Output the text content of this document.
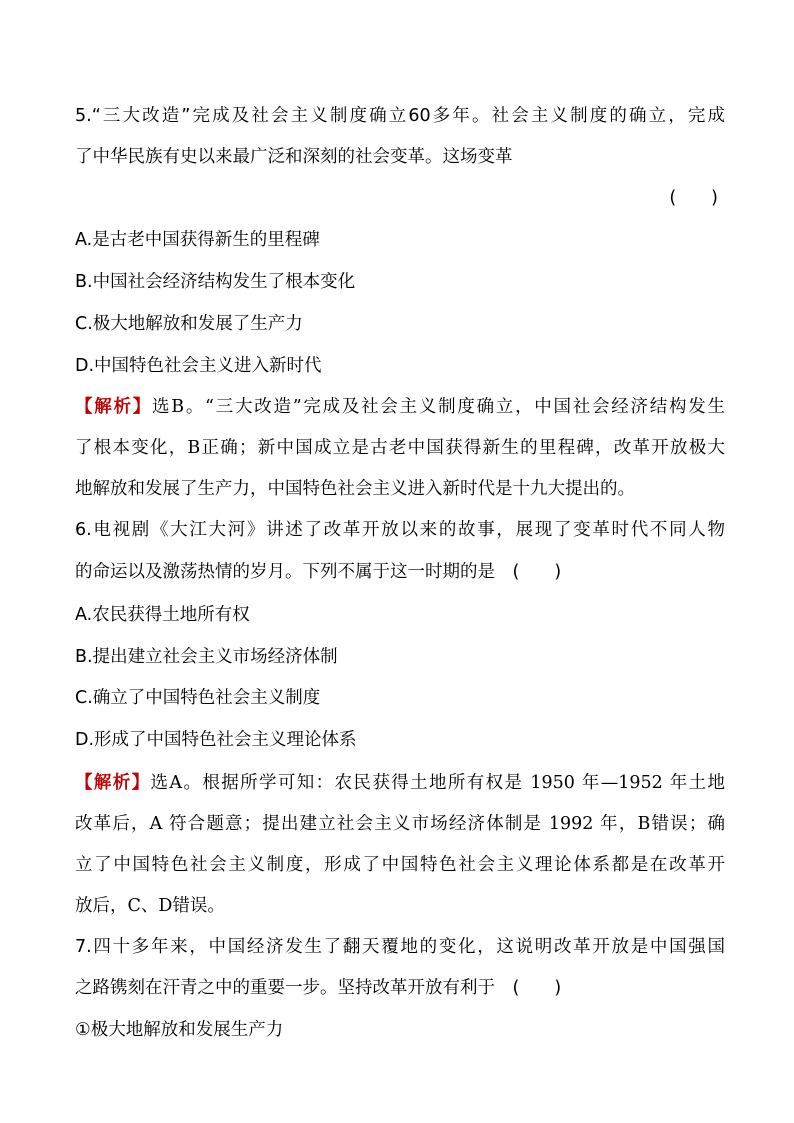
5.“三大改造”完成及社会主义制度确立60多年。社会主义制度的确立，完成
了中华民族有史以来最广泛和深刻的社会变革。这场变革
(　　)
A.是古老中国获得新生的里程碑
B.中国社会经济结构发生了根本变化
C.极大地解放和发展了生产力
D.中国特色社会主义进入新时代
【解析】选B。“三大改造”完成及社会主义制度确立，中国社会经济结构发生
了根本变化，B正确；新中国成立是古老中国获得新生的里程碑，改革开放极大
地解放和发展了生产力，中国特色社会主义进入新时代是十九大提出的。
6.电视剧《大江大河》讲述了改革开放以来的故事，展现了变革时代不同人物
的命运以及激荡热情的岁月。下列不属于这一时期的是　(　　)
A.农民获得土地所有权
B.提出建立社会主义市场经济体制
C.确立了中国特色社会主义制度
D.形成了中国特色社会主义理论体系
【解析】选A。根据所学可知：农民获得土地所有权是 1950 年—1952 年土地
改革后，A 符合题意；提出建立社会主义市场经济体制是 1992 年，B错误；确
立了中国特色社会主义制度，形成了中国特色社会主义理论体系都是在改革开
放后，C、D错误。
7.四十多年来，中国经济发生了翻天覆地的变化，这说明改革开放是中国强国
之路镌刻在汗青之中的重要一步。坚持改革开放有利于　(　　)
①极大地解放和发展生产力
